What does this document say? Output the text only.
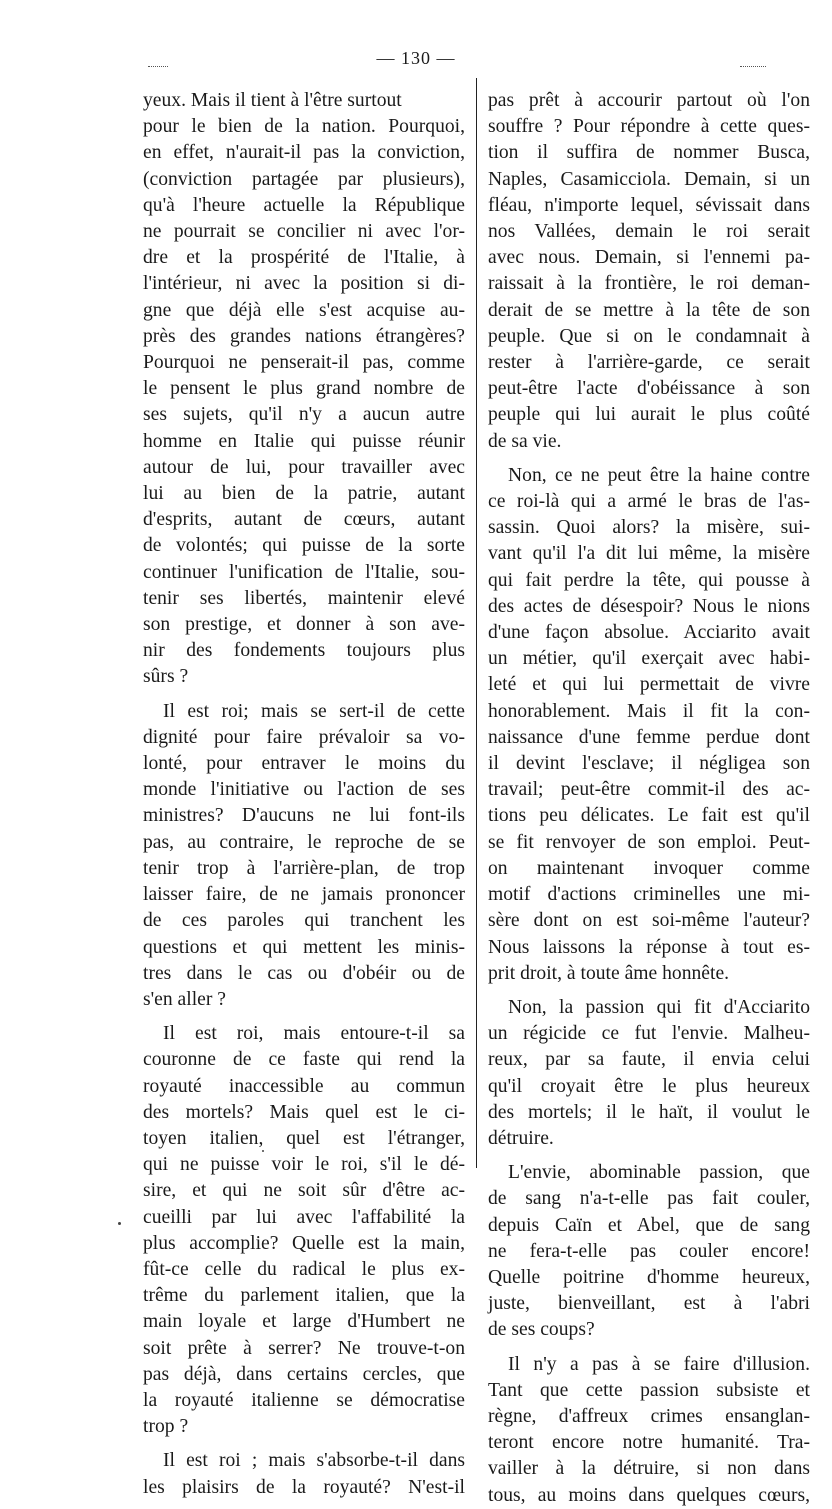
— 130 —
yeux. Mais il tient à l'être surtout
pour le bien de la nation. Pourquoi,
en effet, n'aurait-il pas la conviction,
(conviction partagée par plusieurs),
qu'à l'heure actuelle la République
ne pourrait se concilier ni avec l'or-
dre et la prospérité de l'Italie, à
l'intérieur, ni avec la position si di-
gne que déjà elle s'est acquise au-
près des grandes nations étrangères?
Pourquoi ne penserait-il pas, comme
le pensent le plus grand nombre de
ses sujets, qu'il n'y a aucun autre
homme en Italie qui puisse réunir
autour de lui, pour travailler avec
lui au bien de la patrie, autant
d'esprits, autant de cœurs, autant
de volontés; qui puisse de la sorte
continuer l'unification de l'Italie, sou-
tenir ses libertés, maintenir elevé
son prestige, et donner à son ave-
nir des fondements toujours plus
sûrs ?
Il est roi; mais se sert-il de cette
dignité pour faire prévaloir sa vo-
lonté, pour entraver le moins du
monde l'initiative ou l'action de ses
ministres? D'aucuns ne lui font-ils
pas, au contraire, le reproche de se
tenir trop à l'arrière-plan, de trop
laisser faire, de ne jamais prononcer
de ces paroles qui tranchent les
questions et qui mettent les minis-
tres dans le cas ou d'obéir ou de
s'en aller ?
Il est roi, mais entoure-t-il sa
couronne de ce faste qui rend la
royauté inaccessible au commun
des mortels? Mais quel est le ci-
toyen italien, quel est l'étranger,
qui ne puisse voir le roi, s'il le dé-
sire, et qui ne soit sûr d'être ac-
cueilli par lui avec l'affabilité la
plus accomplie? Quelle est la main,
fût-ce celle du radical le plus ex-
trême du parlement italien, que la
main loyale et large d'Humbert ne
soit prête à serrer? Ne trouve-t-on
pas déjà, dans certains cercles, que
la royauté italienne se démocratise
trop ?
Il est roi ; mais s'absorbe-t-il dans
les plaisirs de la royauté? N'est-il
pas prêt à accourir partout où l'on
souffre ? Pour répondre à cette ques-
tion il suffira de nommer Busca,
Naples, Casamicciola. Demain, si un
fléau, n'importe lequel, sévissait dans
nos Vallées, demain le roi serait
avec nous. Demain, si l'ennemi pa-
raissait à la frontière, le roi deman-
derait de se mettre à la tête de son
peuple. Que si on le condamnait à
rester à l'arrière-garde, ce serait
peut-être l'acte d'obéissance à son
peuple qui lui aurait le plus coûté
de sa vie.
Non, ce ne peut être la haine contre
ce roi-là qui a armé le bras de l'as-
sassin. Quoi alors? la misère, sui-
vant qu'il l'a dit lui même, la misère
qui fait perdre la tête, qui pousse à
des actes de désespoir? Nous le nions
d'une façon absolue. Acciarito avait
un métier, qu'il exerçait avec habi-
leté et qui lui permettait de vivre
honorablement. Mais il fit la con-
naissance d'une femme perdue dont
il devint l'esclave; il négligea son
travail; peut-être commit-il des ac-
tions peu délicates. Le fait est qu'il
se fit renvoyer de son emploi. Peut-
on maintenant invoquer comme
motif d'actions criminelles une mi-
sère dont on est soi-même l'auteur?
Nous laissons la réponse à tout es-
prit droit, à toute âme honnête.
Non, la passion qui fit d'Acciarito
un régicide ce fut l'envie. Malheu-
reux, par sa faute, il envia celui
qu'il croyait être le plus heureux
des mortels; il le haït, il voulut le
détruire.
L'envie, abominable passion, que
de sang n'a-t-elle pas fait couler,
depuis Caïn et Abel, que de sang
ne fera-t-elle pas couler encore!
Quelle poitrine d'homme heureux,
juste, bienveillant, est à l'abri
de ses coups?
Il n'y a pas à se faire d'illusion.
Tant que cette passion subsiste et
règne, d'affreux crimes ensanglan-
teront encore notre humanité. Tra-
vailler à la détruire, si non dans
tous, au moins dans quelques cœurs,
